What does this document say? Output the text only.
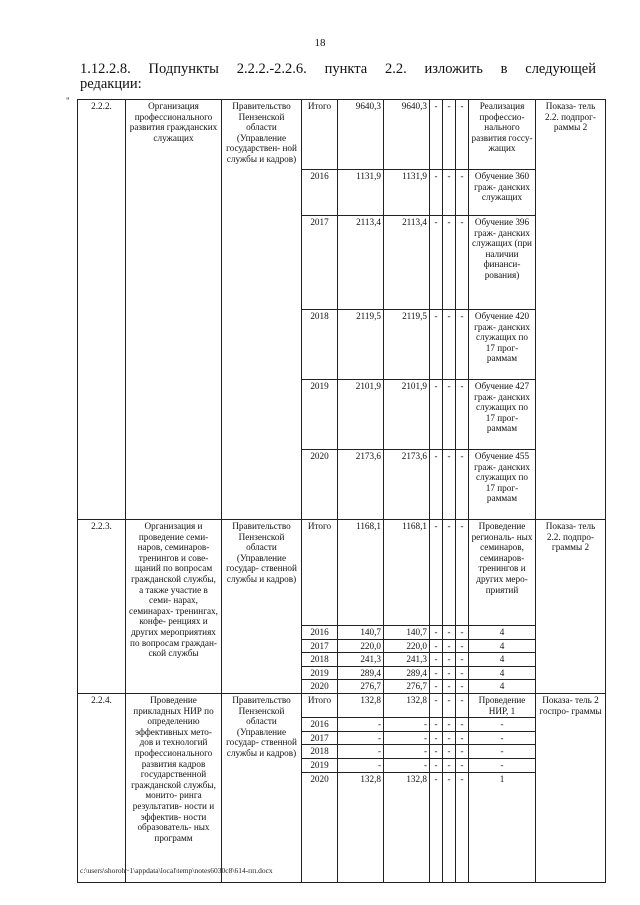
18
1.12.2.8. Подпункты 2.2.2.-2.2.6. пункта 2.2. изложить в следующей
редакции:
" 2.2.2.	Организация профессионального развития гражданских служащих	Правительство Пензенской области (Управление государствен- ной службы и кадров)	Итого	9640,3	9640,3	-	-	-	Реализация профессио- нального развития госсу- жащих	Показа- тель 2.2. подпрог- раммы 2
			2016	1131,9	1131,9	-	-	-	Обучение 360 граж- данских служащих	
			2017	2113,4	2113,4	-	-	-	Обучение 396 граж- данских служащих (при наличии финанси- рования)	
			2018	2119,5	2119,5	-	-	-	Обучение 420 граж- данских служащих по 17 прог- раммам	
			2019	2101,9	2101,9	-	-	-	Обучение 427 граж- данских служащих по 17 прог- раммам	
			2020	2173,6	2173,6	-	-	-	Обучение 455 граж- данских служащих по 17 прог- раммам	
2.2.3.	Организация и проведение семи- наров, семинаров- тренингов и сове- щаний по вопросам гражданской службы, а также участие в семи- нарах, семинарах- тренингах, конфе- ренциях и других мероприятиях по вопросам граждан- ской службы	Правительство Пензенской области (Управление государ- ственной службы и кадров)	Итого	1168,1	1168,1	-	-	-	Проведение региональ- ных семинаров, семинаров- тренингов и других меро- приятий	Показа- тель 2.2. подпро- граммы 2
			2016	140,7	140,7	-	-	-	4	
			2017	220,0	220,0	-	-	-	4	
			2018	241,3	241,3	-	-	-	4	
			2019	289,4	289,4	-	-	-	4	
			2020	276,7	276,7	-	-	-	4	
2.2.4.	Проведение прикладных НИР по определению эффективных мето- дов и технологий профессионального развития кадров государственной гражданской службы, монито- ринга результатив- ности и эффектив- ности образователь- ных программ	Правительство Пензенской области (Управление государ- ственной службы и кадров)	Итого	132,8	132,8	-	-	-	Проведение НИР, 1	Показа- тель 2 госпро- граммы
			2016	-	-	-	-	-	-	
			2017	-	-	-	-	-	-	
			2018	-	-	-	-	-	-	
			2019	-	-	-	-	-	-	
			2020	132,8	132,8	-	-	-	1	
c:\users\shoroh~1\appdata\local\temp\notes6030c8\614-пп.docx
